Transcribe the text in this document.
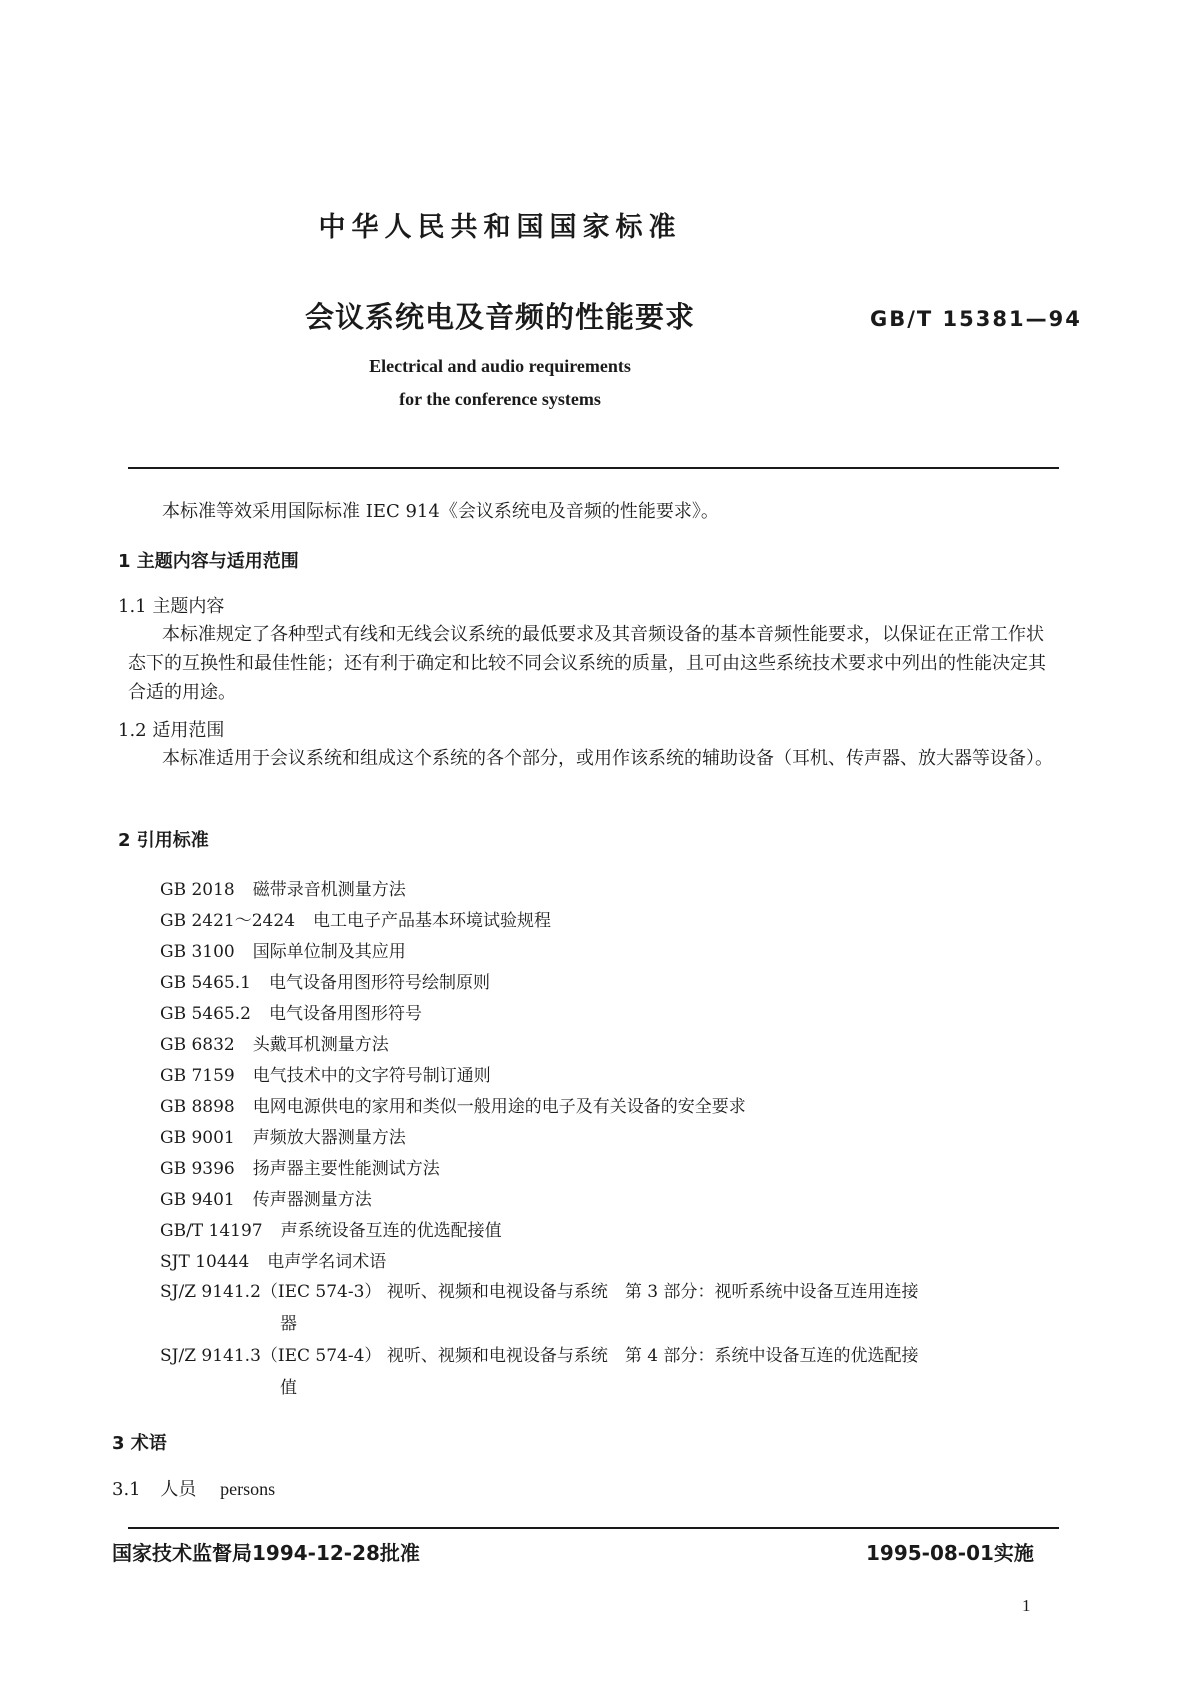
中华人民共和国国家标准
会议系统电及音频的性能要求	GB/T 15381—94
Electrical and audio requirements
for the conference systems
本标准等效采用国际标准 IEC 914《会议系统电及音频的性能要求》。
1 主题内容与适用范围
1.1 主题内容
本标准规定了各种型式有线和无线会议系统的最低要求及其音频设备的基本音频性能要求，以保证在正常工作状态下的互换性和最佳性能；还有利于确定和比较不同会议系统的质量，且可由这些系统技术要求中列出的性能决定其合适的用途。
1.2 适用范围
本标准适用于会议系统和组成这个系统的各个部分，或用作该系统的辅助设备（耳机、传声器、放大器等设备）。
2 引用标准
GB 2018 磁带录音机测量方法
GB 2421～2424 电工电子产品基本环境试验规程
GB 3100 国际单位制及其应用
GB 5465.1 电气设备用图形符号绘制原则
GB 5465.2 电气设备用图形符号
GB 6832 头戴耳机测量方法
GB 7159 电气技术中的文字符号制订通则
GB 8898 电网电源供电的家用和类似一般用途的电子及有关设备的安全要求
GB 9001 声频放大器测量方法
GB 9396 扬声器主要性能测试方法
GB 9401 传声器测量方法
GB/T 14197 声系统设备互连的优选配接值
SJT 10444 电声学名词术语
SJ/Z 9141.2（IEC 574-3） 视听、视频和电视设备与系统　第 3 部分：视听系统中设备互连用连接
器
SJ/Z 9141.3（IEC 574-4） 视听、视频和电视设备与系统　第 4 部分：系统中设备互连的优选配接
值
3 术语
3.1 人员 persons
国家技术监督局1994-12-28批准	1995-08-01实施
1
